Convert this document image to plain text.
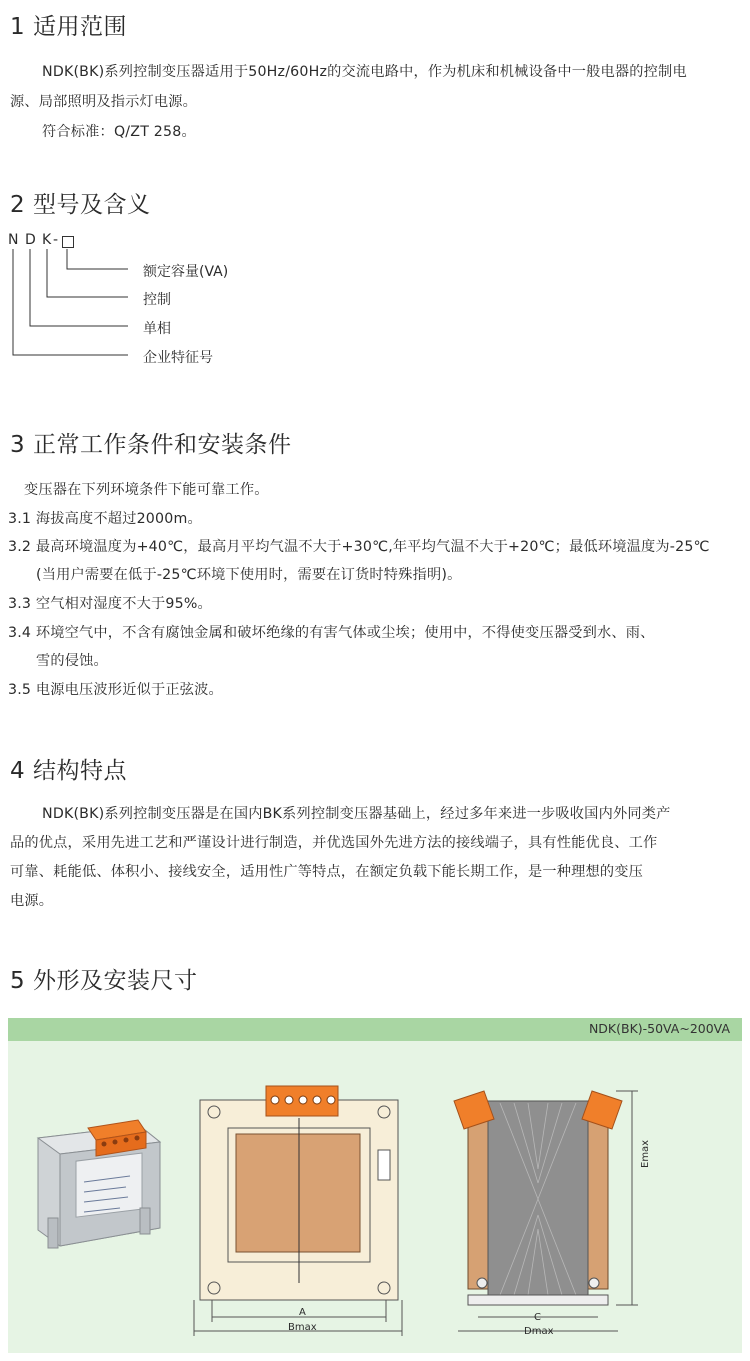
1 适用范围
NDK(BK)系列控制变压器适用于50Hz/60Hz的交流电路中，作为机床和机械设备中一般电器的控制电
源、局部照明及指示灯电源。
符合标准：Q/ZT 258。
2 型号及含义
N D K -
额定容量(VA)
控制
单相
企业特征号
3 正常工作条件和安装条件
变压器在下列环境条件下能可靠工作。
3.1 海拔高度不超过2000m。
3.2 最高环境温度为+40℃，最高月平均气温不大于+30℃,年平均气温不大于+20℃；最低环境温度为-25℃
(当用户需要在低于-25℃环境下使用时，需要在订货时特殊指明)。
3.3 空气相对湿度不大于95%。
3.4 环境空气中，不含有腐蚀金属和破坏绝缘的有害气体或尘埃；使用中，不得使变压器受到水、雨、
雪的侵蚀。
3.5 电源电压波形近似于正弦波。
4 结构特点
NDK(BK)系列控制变压器是在国内BK系列控制变压器基础上，经过多年来进一步吸收国内外同类产
品的优点，采用先进工艺和严谨设计进行制造，并优选国外先进方法的接线端子，具有性能优良、工作
可靠、耗能低、体积小、接线安全，适用性广等特点，在额定负载下能长期工作，是一种理想的变压
电源。
5 外形及安装尺寸
NDK(BK)-50VA~200VA
A
Bmax
C
Dmax
Emax
